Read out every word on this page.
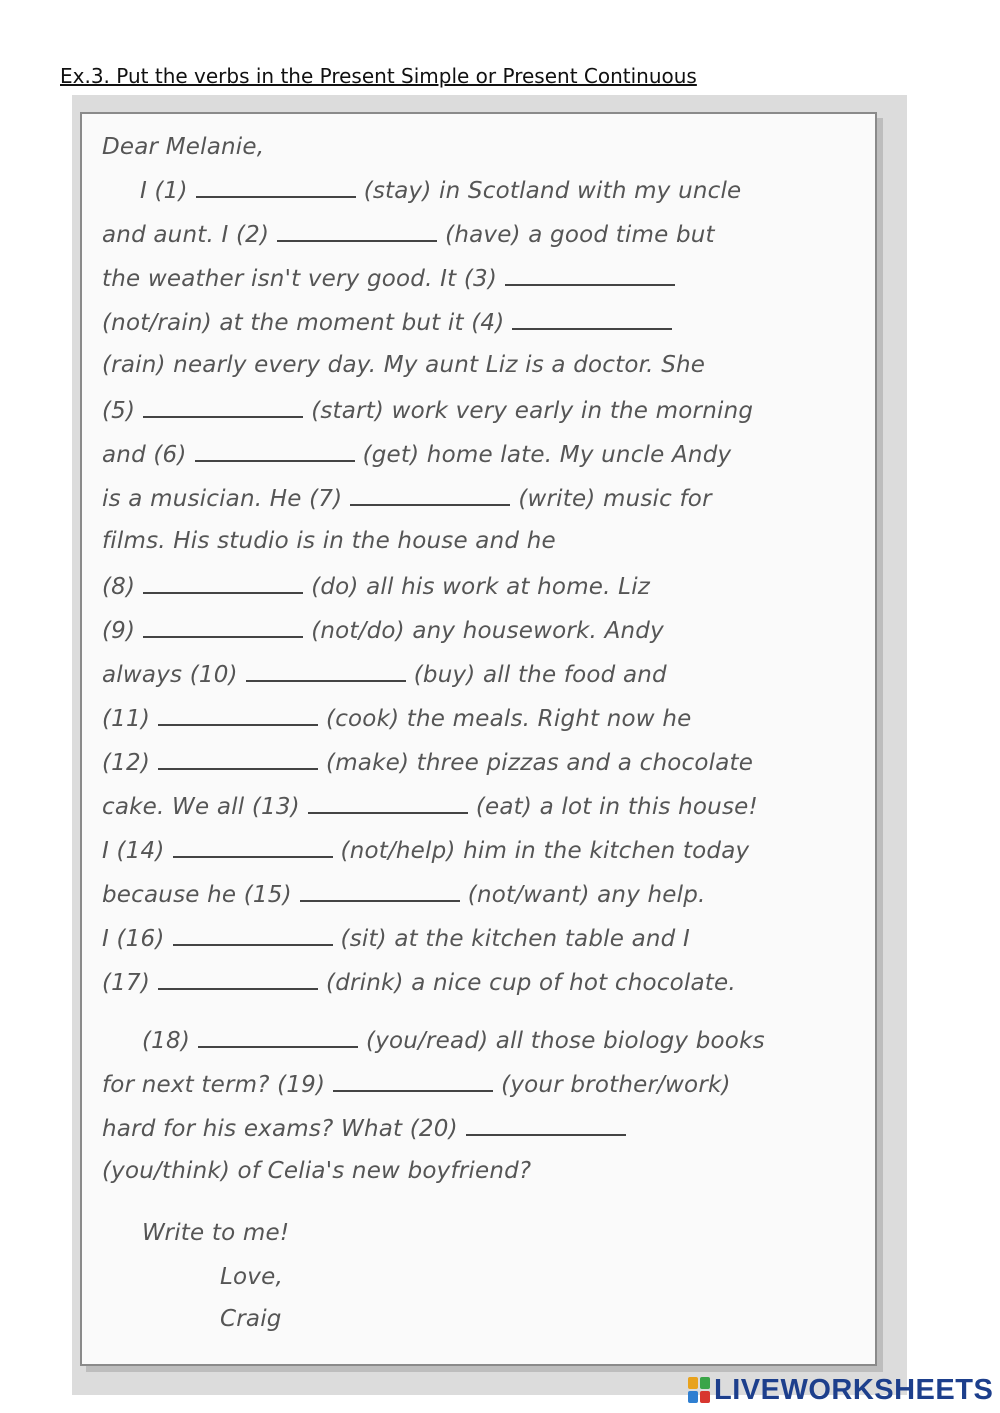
Ex.3. Put the verbs in the Present Simple or Present Continuous
Dear Melanie,
I (1)	(stay) in Scotland with my uncle
and aunt. I (2)	(have) a good time but
the weather isn't very good. It (3)
(not/rain) at the moment but it (4)
(rain) nearly every day. My aunt Liz is a doctor. She
(5)	(start) work very early in the morning
and (6)	(get) home late. My uncle Andy
is a musician. He (7)	(write) music for
films. His studio is in the house and he
(8)	(do) all his work at home. Liz
(9)	(not/do) any housework. Andy
always (10)	(buy) all the food and
(11)	(cook) the meals. Right now he
(12)	(make) three pizzas and a chocolate
cake. We all (13)	(eat) a lot in this house!
I (14)	(not/help) him in the kitchen today
because he (15)	(not/want) any help.
I (16)	(sit) at the kitchen table and I
(17)	(drink) a nice cup of hot chocolate.
(18)	(you/read) all those biology books
for next term? (19)	(your brother/work)
hard for his exams? What (20)
(you/think) of Celia's new boyfriend?
Write to me!
Love,
Craig
LIVEWORKSHEETS
